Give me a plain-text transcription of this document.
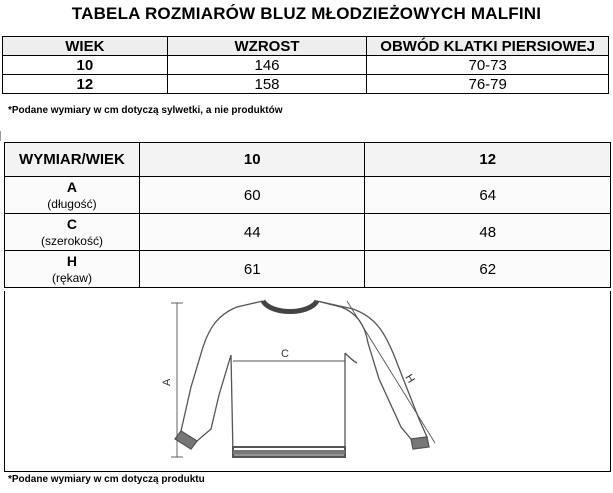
TABELA ROZMIARÓW BLUZ MŁODZIEŻOWYCH MALFINI
WIEK	WZROST	OBWÓD KLATKI PIERSIOWEJ
10	146	70-73
12	158	76-79
*Podane wymiary w cm dotyczą sylwetki, a nie produktów
WYMIAR/WIEK	10	12

A
(długość)	60	64

C
(szerokość)	44	48

H
(rękaw)	61	62
A
C
H
*Podane wymiary w cm dotyczą produktu
